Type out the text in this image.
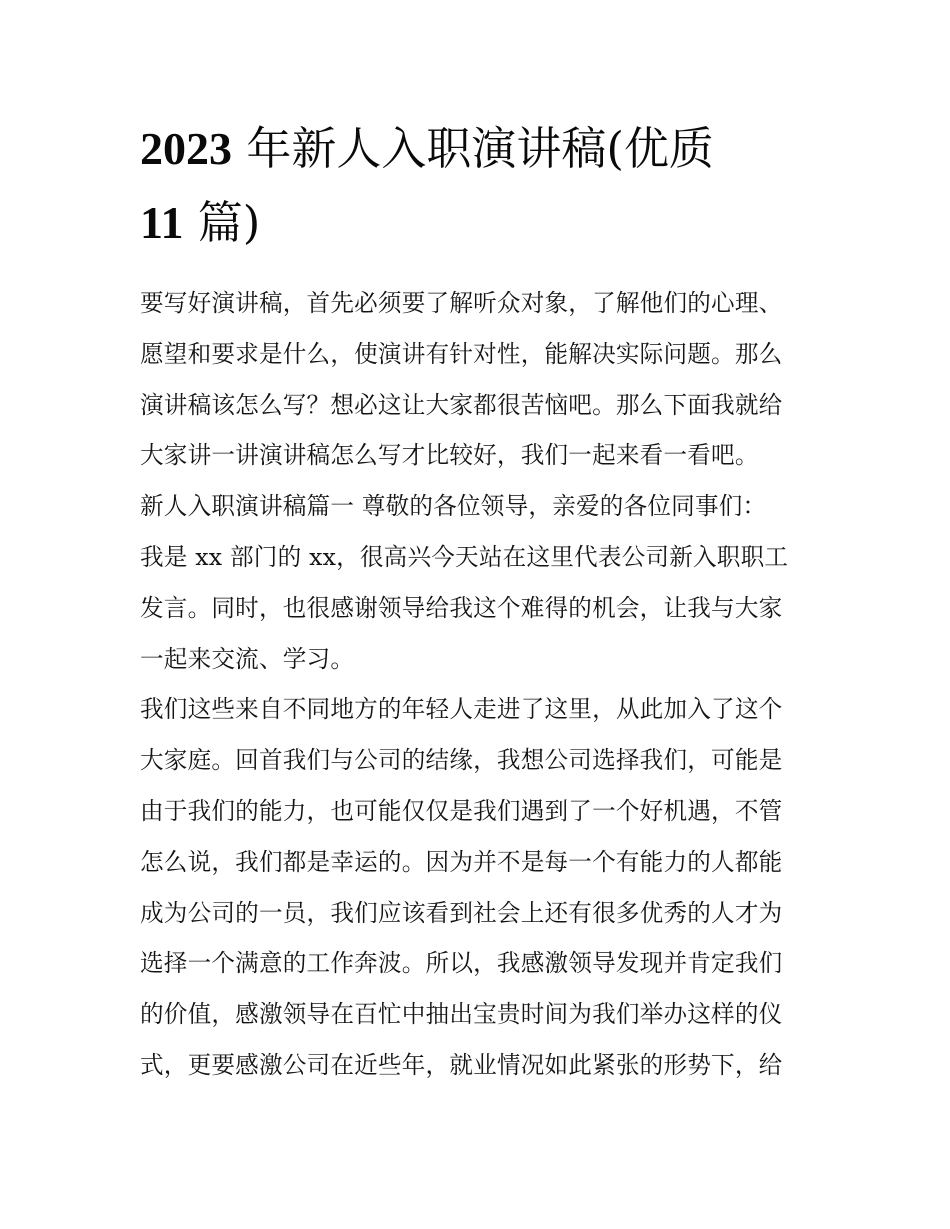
2023 年新人入职演讲稿(优质
11 篇)
要写好演讲稿，首先必须要了解听众对象，了解他们的心理、
愿望和要求是什么，使演讲有针对性，能解决实际问题。那么
演讲稿该怎么写？想必这让大家都很苦恼吧。那么下面我就给
大家讲一讲演讲稿怎么写才比较好，我们一起来看一看吧。
新人入职演讲稿篇一 尊敬的各位领导，亲爱的各位同事们：
我是 xx 部门的 xx，很高兴今天站在这里代表公司新入职职工
发言。同时，也很感谢领导给我这个难得的机会，让我与大家
一起来交流、学习。
我们这些来自不同地方的年轻人走进了这里，从此加入了这个
大家庭。回首我们与公司的结缘，我想公司选择我们，可能是
由于我们的能力，也可能仅仅是我们遇到了一个好机遇，不管
怎么说，我们都是幸运的。因为并不是每一个有能力的人都能
成为公司的一员，我们应该看到社会上还有很多优秀的人才为
选择一个满意的工作奔波。所以，我感激领导发现并肯定我们
的价值，感激领导在百忙中抽出宝贵时间为我们举办这样的仪
式，更要感激公司在近些年，就业情况如此紧张的形势下，给
